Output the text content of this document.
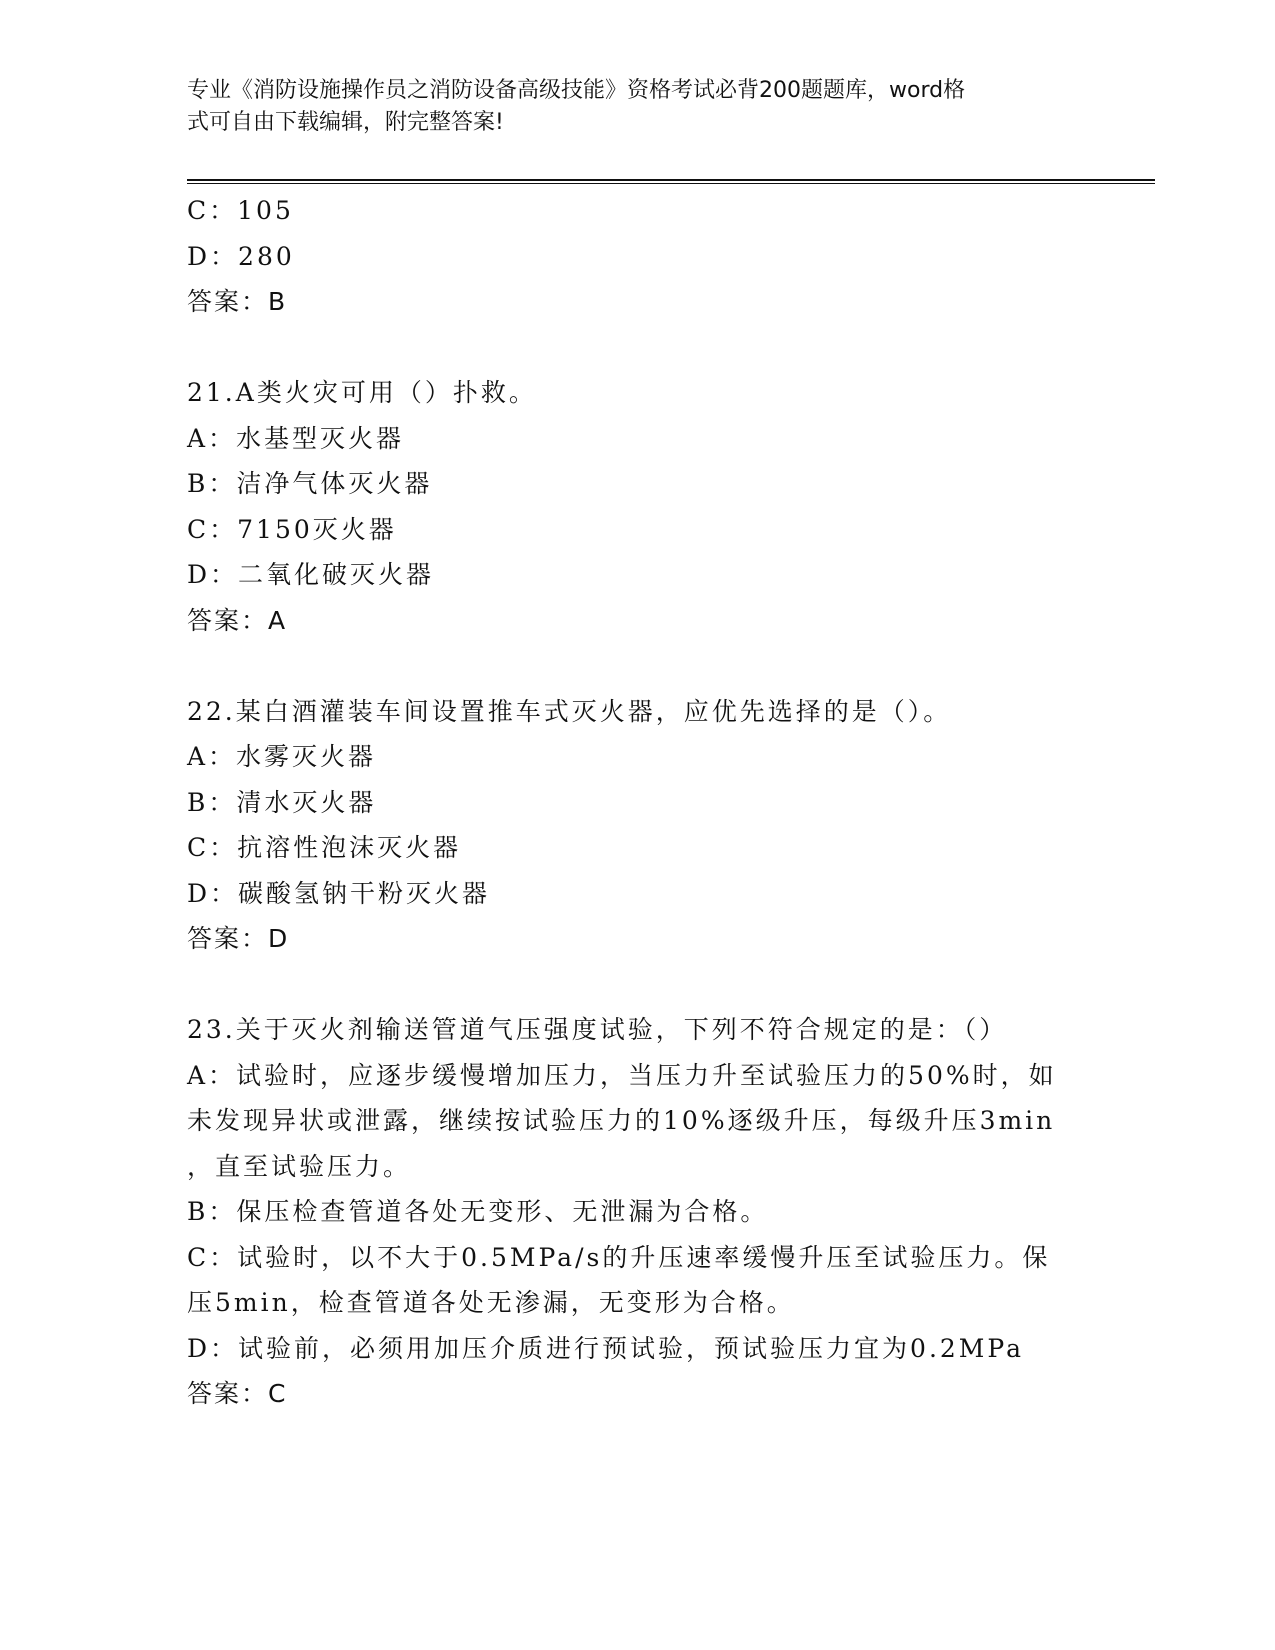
专业《消防设施操作员之消防设备高级技能》资格考试必背200题题库，word格
式可自由下载编辑，附完整答案!
C：105
D：280
答案：B
21.A类火灾可用（）扑救。
A：水基型灭火器
B：洁净气体灭火器
C：7150灭火器
D：二氧化破灭火器
答案：A
22.某白酒灌装车间设置推车式灭火器，应优先选择的是（）。
A：水雾灭火器
B：清水灭火器
C：抗溶性泡沫灭火器
D：碳酸氢钠干粉灭火器
答案：D
23.关于灭火剂输送管道气压强度试验，下列不符合规定的是：（）
A：试验时，应逐步缓慢增加压力，当压力升至试验压力的50%时，如
未发现异状或泄露，继续按试验压力的10%逐级升压，每级升压3min
，直至试验压力。
B：保压检查管道各处无变形、无泄漏为合格。
C：试验时，以不大于0.5MPa/s的升压速率缓慢升压至试验压力。保
压5min，检查管道各处无渗漏，无变形为合格。
D：试验前，必须用加压介质进行预试验，预试验压力宜为0.2MPa
答案：C
